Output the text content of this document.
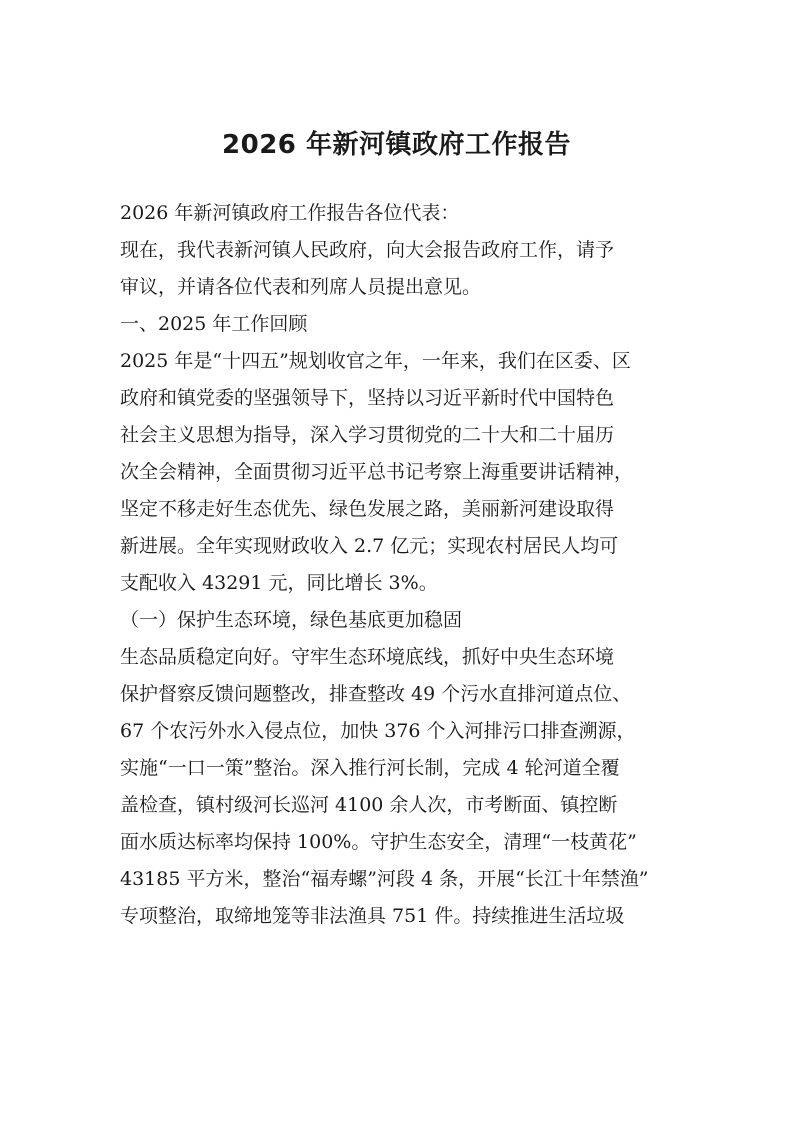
2026 年新河镇政府工作报告
2026 年新河镇政府工作报告各位代表：
现在，我代表新河镇人民政府，向大会报告政府工作，请予
审议，并请各位代表和列席人员提出意见。
一、2025 年工作回顾
2025 年是“十四五”规划收官之年，一年来，我们在区委、区
政府和镇党委的坚强领导下，坚持以习近平新时代中国特色
社会主义思想为指导，深入学习贯彻党的二十大和二十届历
次全会精神，全面贯彻习近平总书记考察上海重要讲话精神，
坚定不移走好生态优先、绿色发展之路，美丽新河建设取得
新进展。全年实现财政收入 2.7 亿元；实现农村居民人均可
支配收入 43291 元，同比增长 3%。
（一）保护生态环境，绿色基底更加稳固
生态品质稳定向好。守牢生态环境底线，抓好中央生态环境
保护督察反馈问题整改，排查整改 49 个污水直排河道点位、
67 个农污外水入侵点位，加快 376 个入河排污口排查溯源，
实施“一口一策”整治。深入推行河长制，完成 4 轮河道全覆
盖检查，镇村级河长巡河 4100 余人次，市考断面、镇控断
面水质达标率均保持 100%。守护生态安全，清理“一枝黄花”
43185 平方米，整治“福寿螺”河段 4 条，开展“长江十年禁渔”
专项整治，取缔地笼等非法渔具 751 件。持续推进生活垃圾
